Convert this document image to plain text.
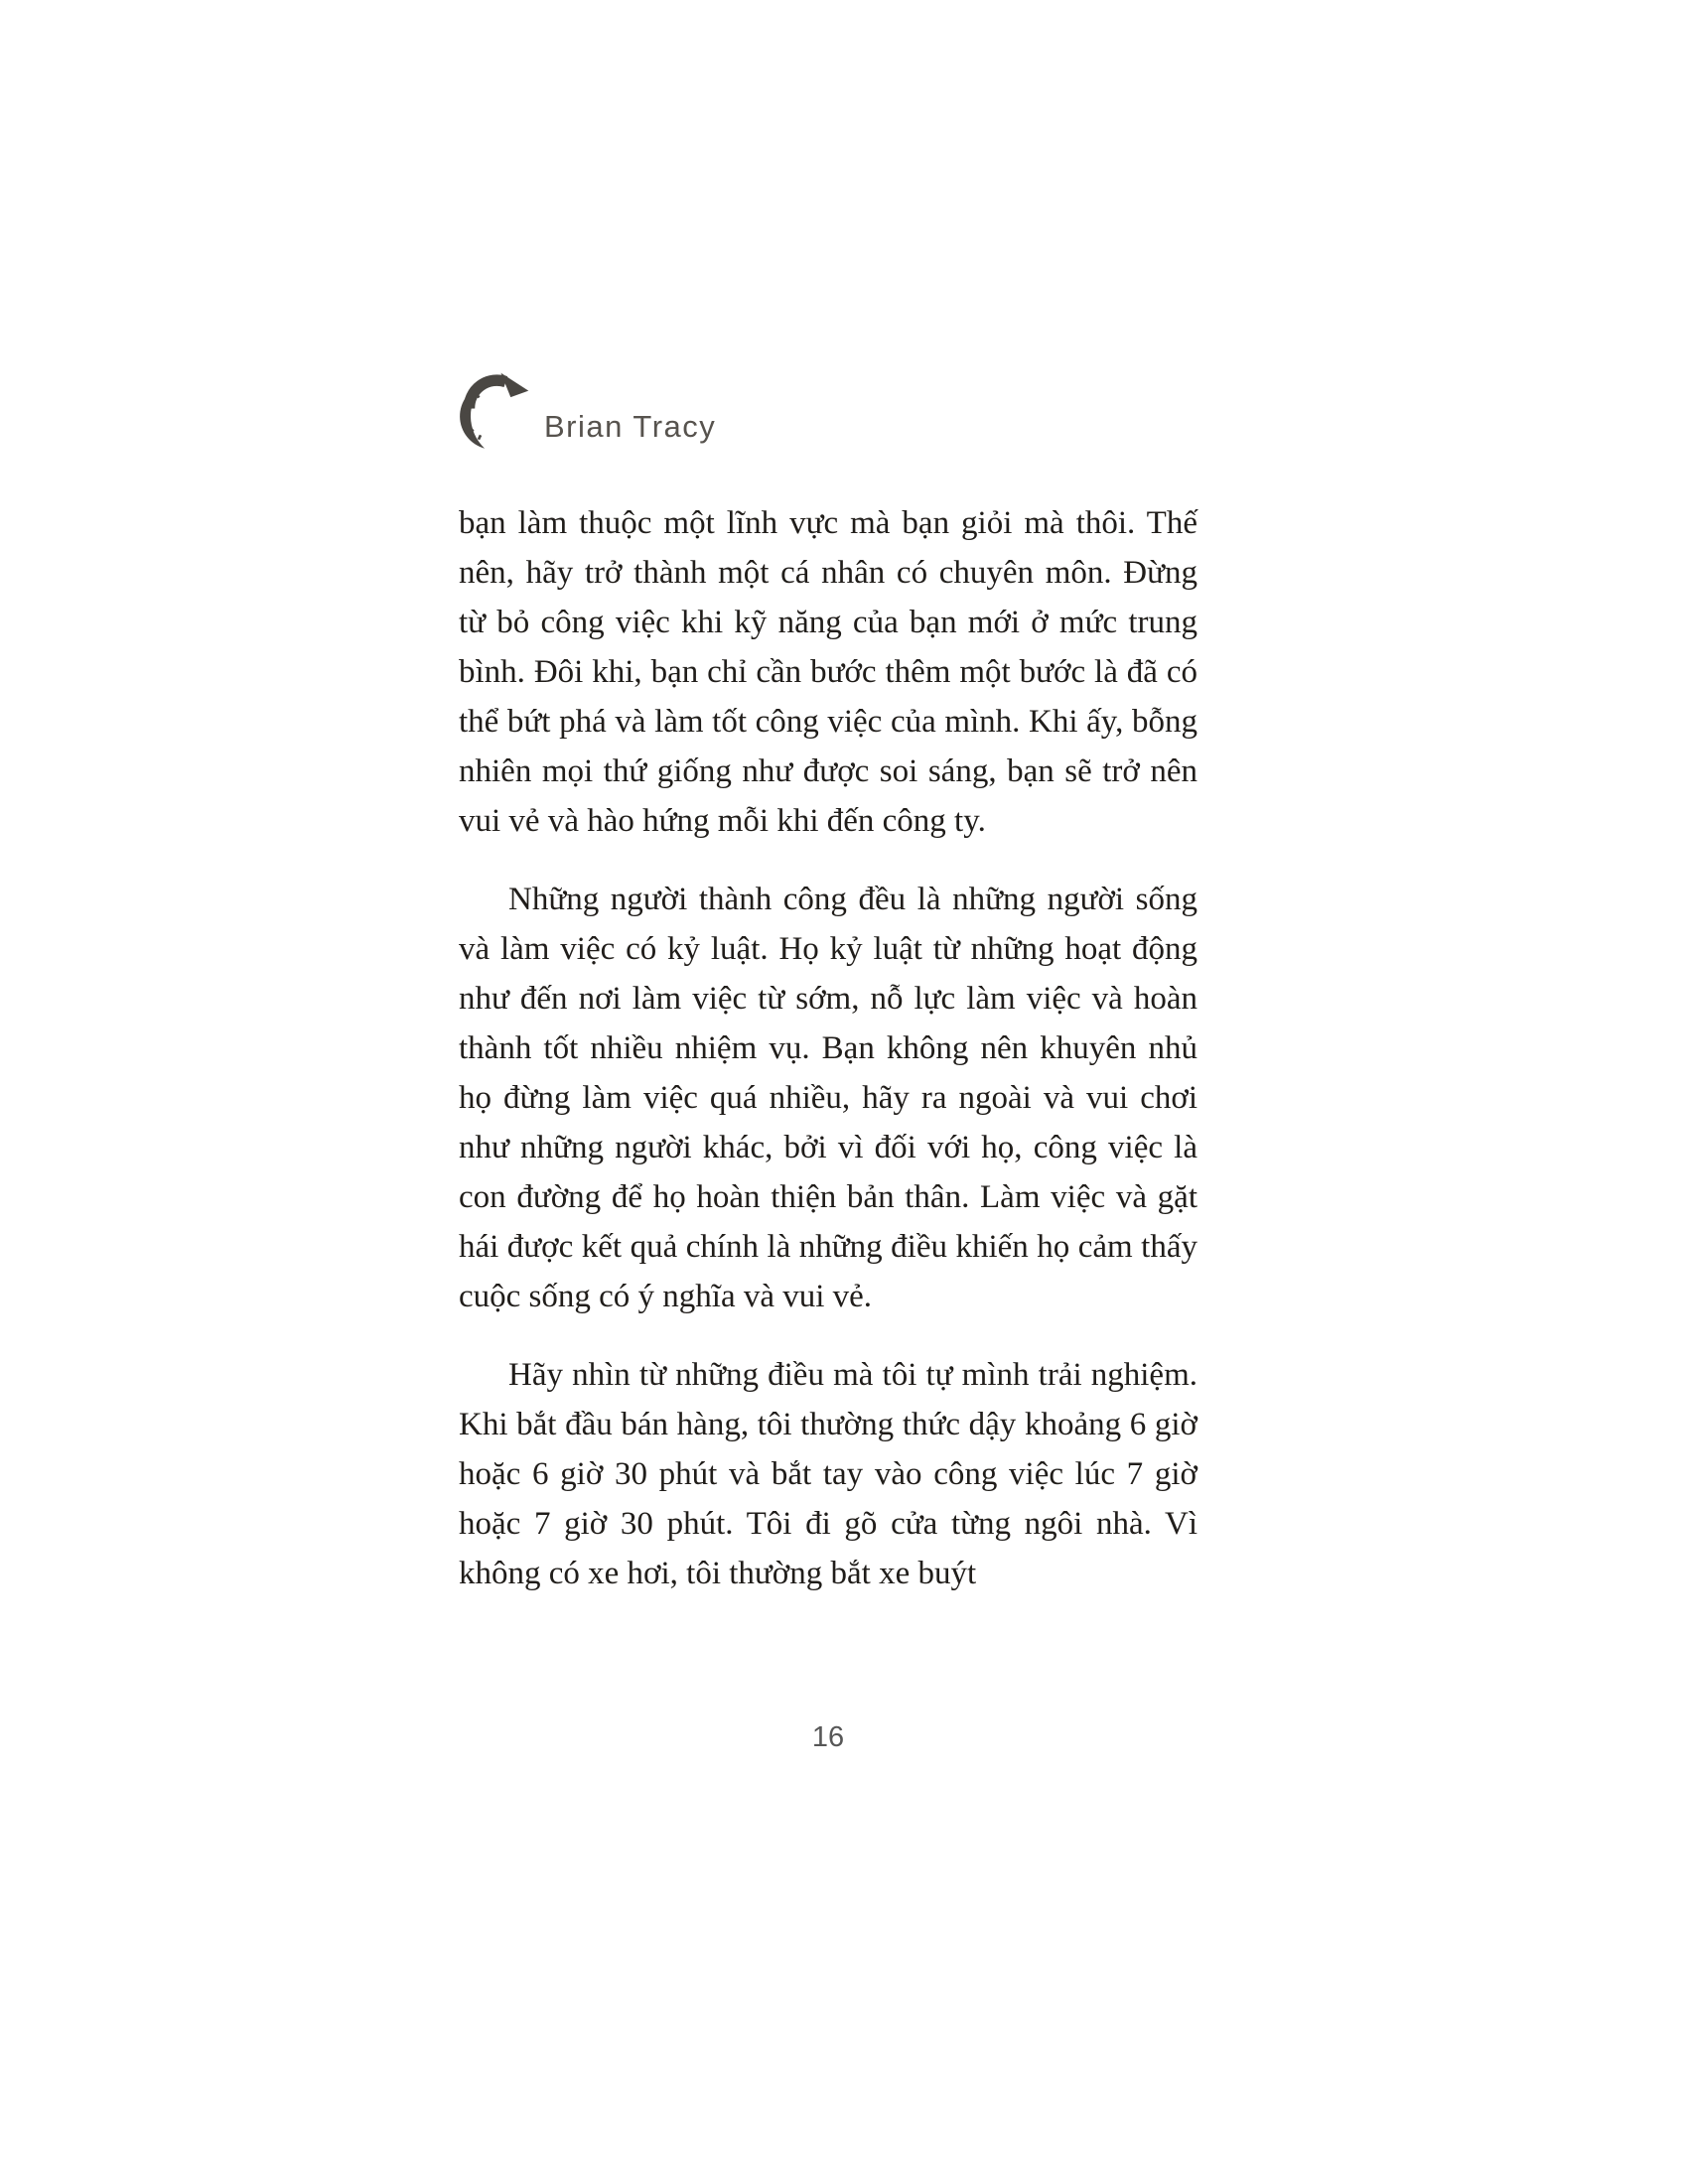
Brian Tracy

bạn làm thuộc một lĩnh vực mà bạn giỏi mà thôi. Thế nên, hãy trở thành một cá nhân có chuyên môn. Đừng từ bỏ công việc khi kỹ năng của bạn mới ở mức trung bình. Đôi khi, bạn chỉ cần bước thêm một bước là đã có thể bứt phá và làm tốt công việc của mình. Khi ấy, bỗng nhiên mọi thứ giống như được soi sáng, bạn sẽ trở nên vui vẻ và hào hứng mỗi khi đến công ty.

Những người thành công đều là những người sống và làm việc có kỷ luật. Họ kỷ luật từ những hoạt động như đến nơi làm việc từ sớm, nỗ lực làm việc và hoàn thành tốt nhiều nhiệm vụ. Bạn không nên khuyên nhủ họ đừng làm việc quá nhiều, hãy ra ngoài và vui chơi như những người khác, bởi vì đối với họ, công việc là con đường để họ hoàn thiện bản thân. Làm việc và gặt hái được kết quả chính là những điều khiến họ cảm thấy cuộc sống có ý nghĩa và vui vẻ.

Hãy nhìn từ những điều mà tôi tự mình trải nghiệm. Khi bắt đầu bán hàng, tôi thường thức dậy khoảng 6 giờ hoặc 6 giờ 30 phút và bắt tay vào công việc lúc 7 giờ hoặc 7 giờ 30 phút. Tôi đi gõ cửa từng ngôi nhà. Vì không có xe hơi, tôi thường bắt xe buýt

16
